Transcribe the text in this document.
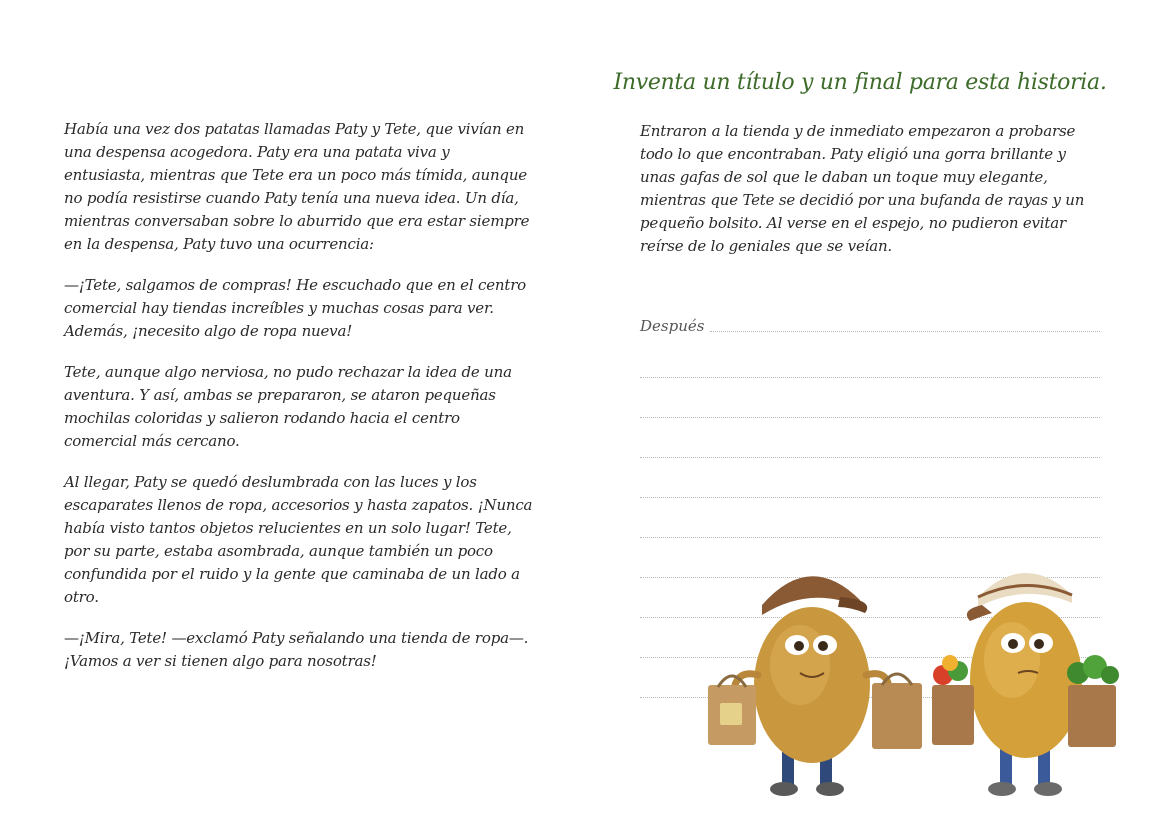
Había una vez dos patatas llamadas Paty y Tete, que vivían en una despensa acogedora. Paty era una patata viva y entusiasta, mientras que Tete era un poco más tímida, aunque no podía resistirse cuando Paty tenía una nueva idea. Un día, mientras conversaban sobre lo aburrido que era estar siempre en la despensa, Paty tuvo una ocurrencia:

—¡Tete, salgamos de compras! He escuchado que en el centro comercial hay tiendas increíbles y muchas cosas para ver. Además, ¡necesito algo de ropa nueva!

Tete, aunque algo nerviosa, no pudo rechazar la idea de una aventura. Y así, ambas se prepararon, se ataron pequeñas mochilas coloridas y salieron rodando hacia el centro comercial más cercano.

Al llegar, Paty se quedó deslumbrada con las luces y los escaparates llenos de ropa, accesorios y hasta zapatos. ¡Nunca había visto tantos objetos relucientes en un solo lugar! Tete, por su parte, estaba asombrada, aunque también un poco confundida por el ruido y la gente que caminaba de un lado a otro.

—¡Mira, Tete! —exclamó Paty señalando una tienda de ropa—. ¡Vamos a ver si tienen algo para nosotras!

Inventa un título y un final para esta historia.

Entraron a la tienda y de inmediato empezaron a probarse todo lo que encontraban. Paty eligió una gorra brillante y unas gafas de sol que le daban un toque muy elegante, mientras que Tete se decidió por una bufanda de rayas y un pequeño bolsito. Al verse en el espejo, no pudieron evitar reírse de lo geniales que se veían.

Después
